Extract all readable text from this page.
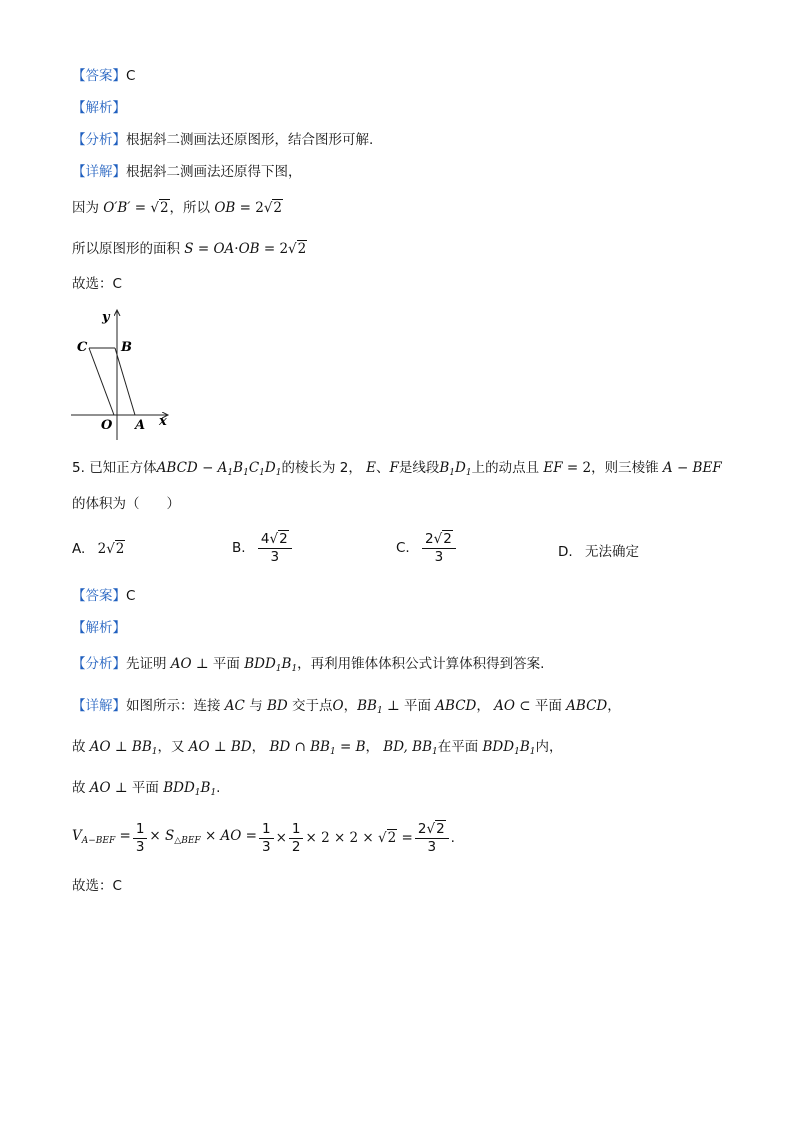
【答案】C
【解析】
【分析】根据斜二测画法还原图形，结合图形可解.
【详解】根据斜二测画法还原得下图，
因为 O′B′ = √2，所以 OB = 2√2
所以原图形的面积 S = OA·OB = 2√2
故选：C
y
x
C	B
O A
5. 已知正方体ABCD − $A_1B_1C_1D_1$的棱长为 2， E、F是线段$B_1D_1$上的动点且 EF = 2，则三棱锥 A − BEF
的体积为（　　）
A. 2√2	B. $\frac{4√2}{3}$	C. $\frac{2√2}{3}$	D. 无法确定
【答案】C
【解析】
【分析】先证明 AO ⊥ 平面 $BDD_1B_1$，再利用锥体体积公式计算体积得到答案.
【详解】如图所示：连接 AC 与 BD 交于点O，$BB_1$ ⊥ 平面 ABCD， AO ⊂ 平面 ABCD，
故 AO ⊥ $BB_1$，又 AO ⊥ BD， BD ∩ $BB_1 = B$， BD, $BB_1$在平面 $BDD_1B_1$内，
故 AO ⊥ 平面 $BDD_1B_1$.
$V_{A-BEF} = \frac{1}{3} \times S_{\triangle BEF}$ × AO = $\frac{1}{3} \times \frac{1}{2} \times 2 \times 2 \times √2 = \frac{2√2}{3}$ .
故选：C
